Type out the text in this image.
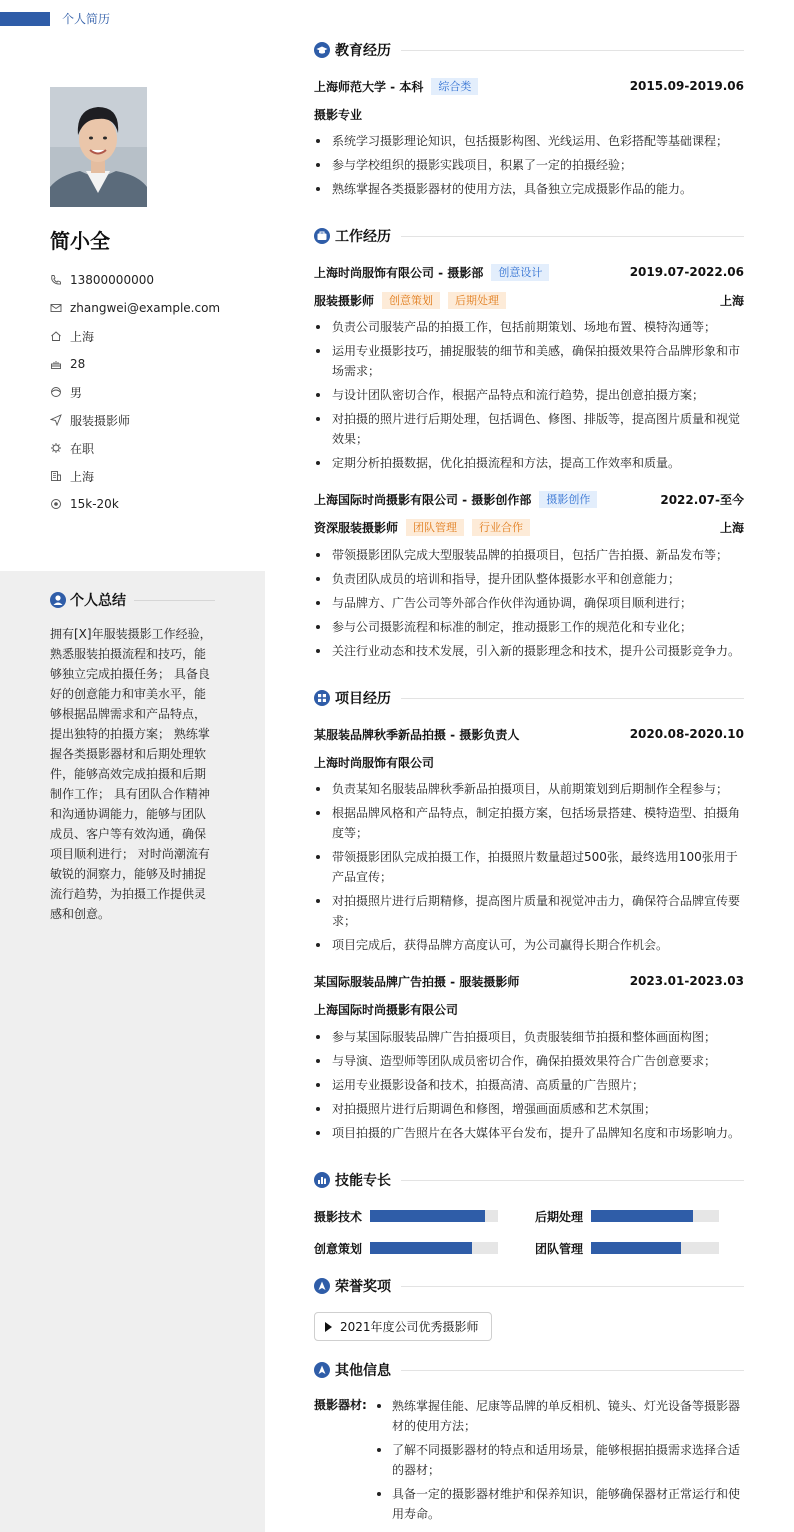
个人简历
简小全
13800000000
zhangwei@example.com
上海
28
男
服装摄影师
在职
上海
15k-20k
个人总结
拥有[X]年服装摄影工作经验，熟悉服装拍摄流程和技巧，能够独立完成拍摄任务； 具备良好的创意能力和审美水平，能够根据品牌需求和产品特点，提出独特的拍摄方案； 熟练掌握各类摄影器材和后期处理软件，能够高效完成拍摄和后期制作工作； 具有团队合作精神和沟通协调能力，能够与团队成员、客户等有效沟通，确保项目顺利进行； 对时尚潮流有敏锐的洞察力，能够及时捕捉流行趋势，为拍摄工作提供灵感和创意。
教育经历
上海师范大学 - 本科	综合类	2015.09-2019.06
摄影专业
系统学习摄影理论知识，包括摄影构图、光线运用、色彩搭配等基础课程；
参与学校组织的摄影实践项目，积累了一定的拍摄经验；
熟练掌握各类摄影器材的使用方法，具备独立完成摄影作品的能力。
工作经历
上海时尚服饰有限公司 - 摄影部	创意设计	2019.07-2022.06
服装摄影师	创意策划	后期处理	上海
负责公司服装产品的拍摄工作，包括前期策划、场地布置、模特沟通等；
运用专业摄影技巧，捕捉服装的细节和美感，确保拍摄效果符合品牌形象和市场需求；
与设计团队密切合作，根据产品特点和流行趋势，提出创意拍摄方案；
对拍摄的照片进行后期处理，包括调色、修图、排版等，提高图片质量和视觉效果；
定期分析拍摄数据，优化拍摄流程和方法，提高工作效率和质量。
上海国际时尚摄影有限公司 - 摄影创作部	摄影创作	2022.07-至今
资深服装摄影师	团队管理	行业合作	上海
带领摄影团队完成大型服装品牌的拍摄项目，包括广告拍摄、新品发布等；
负责团队成员的培训和指导，提升团队整体摄影水平和创意能力；
与品牌方、广告公司等外部合作伙伴沟通协调，确保项目顺利进行；
参与公司摄影流程和标准的制定，推动摄影工作的规范化和专业化；
关注行业动态和技术发展，引入新的摄影理念和技术，提升公司摄影竞争力。
项目经历
某服装品牌秋季新品拍摄 - 摄影负责人	2020.08-2020.10
上海时尚服饰有限公司
负责某知名服装品牌秋季新品拍摄项目，从前期策划到后期制作全程参与；
根据品牌风格和产品特点，制定拍摄方案，包括场景搭建、模特造型、拍摄角度等；
带领摄影团队完成拍摄工作，拍摄照片数量超过500张，最终选用100张用于产品宣传；
对拍摄照片进行后期精修，提高图片质量和视觉冲击力，确保符合品牌宣传要求；
项目完成后，获得品牌方高度认可，为公司赢得长期合作机会。
某国际服装品牌广告拍摄 - 服装摄影师	2023.01-2023.03
上海国际时尚摄影有限公司
参与某国际服装品牌广告拍摄项目，负责服装细节拍摄和整体画面构图；
与导演、造型师等团队成员密切合作，确保拍摄效果符合广告创意要求；
运用专业摄影设备和技术，拍摄高清、高质量的广告照片；
对拍摄照片进行后期调色和修图，增强画面质感和艺术氛围；
项目拍摄的广告照片在各大媒体平台发布，提升了品牌知名度和市场影响力。
技能专长
摄影技术	后期处理
创意策划	团队管理
荣誉奖项
2021年度公司优秀摄影师
其他信息
摄影器材:	熟练掌握佳能、尼康等品牌的单反相机、镜头、灯光设备等摄影器材的使用方法；
了解不同摄影器材的特点和适用场景，能够根据拍摄需求选择合适的器材；
具备一定的摄影器材维护和保养知识，能够确保器材正常运行和使用寿命。
